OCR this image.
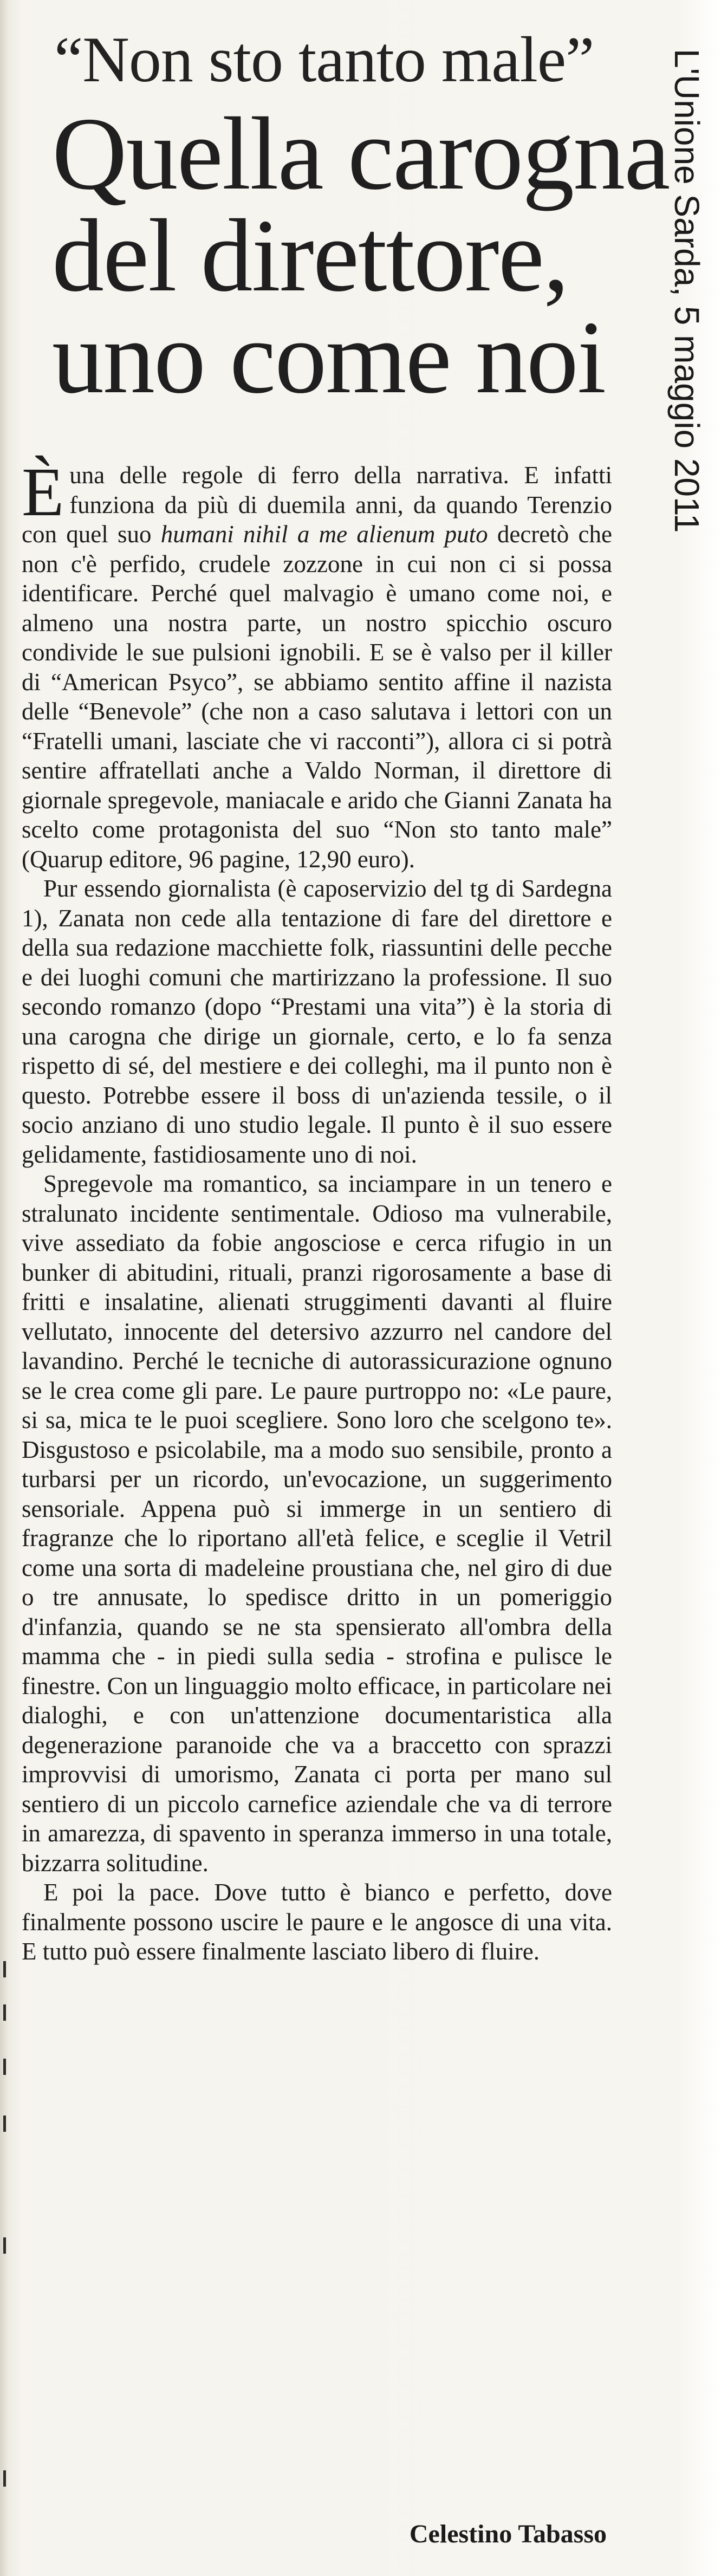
“Non sto tanto male”
Quella carogna
del direttore,
uno come noi L'Unione Sarda, 5 maggio 2011

È una delle regole di ferro della narrativa. E infatti funziona da più di duemila anni, da quando Terenzio con quel suo humani nihil a me alienum puto decretò che non c'è perfido, crudele zozzone in cui non ci si possa identificare. Perché quel malvagio è umano come noi, e almeno una nostra parte, un nostro spicchio oscuro condivide le sue pulsioni ignobili. E se è valso per il killer di “American Psyco”, se abbiamo sentito affine il nazista delle “Benevole” (che non a caso salutava i lettori con un “Fratelli umani, lasciate che vi racconti”), allora ci si potrà sentire affratellati anche a Valdo Norman, il direttore di giornale spregevole, maniacale e arido che Gianni Zanata ha scelto come protagonista del suo “Non sto tanto male” (Quarup editore, 96 pagine, 12,90 euro).

Pur essendo giornalista (è caposervizio del tg di Sardegna 1), Zanata non cede alla tentazione di fare del direttore e della sua redazione macchiette folk, riassuntini delle pecche e dei luoghi comuni che martirizzano la professione. Il suo secondo romanzo (dopo “Prestami una vita”) è la storia di una carogna che dirige un giornale, certo, e lo fa senza rispetto di sé, del mestiere e dei colleghi, ma il punto non è questo. Potrebbe essere il boss di un'azienda tessile, o il socio anziano di uno studio legale. Il punto è il suo essere gelidamente, fastidiosamente uno di noi.

Spregevole ma romantico, sa inciampare in un tenero e stralunato incidente sentimentale. Odioso ma vulnerabile, vive assediato da fobie angosciose e cerca rifugio in un bunker di abitudini, rituali, pranzi rigorosamente a base di fritti e insalatine, alienati struggimenti davanti al fluire vellutato, innocente del detersivo azzurro nel candore del lavandino. Perché le tecniche di autorassicurazione ognuno se le crea come gli pare. Le paure purtroppo no: «Le paure, si sa, mica te le puoi scegliere. Sono loro che scelgono te». Disgustoso e psicolabile, ma a modo suo sensibile, pronto a turbarsi per un ricordo, un'evocazione, un suggerimento sensoriale. Appena può si immerge in un sentiero di fragranze che lo riportano all'età felice, e sceglie il Vetril come una sorta di madeleine proustiana che, nel giro di due o tre annusate, lo spedisce dritto in un pomeriggio d'infanzia, quando se ne sta spensierato all'ombra della mamma che - in piedi sulla sedia - strofina e pulisce le finestre. Con un linguaggio molto efficace, in particolare nei dialoghi, e con un'attenzione documentaristica alla degenerazione paranoide che va a braccetto con sprazzi improvvisi di umorismo, Zanata ci porta per mano sul sentiero di un piccolo carnefice aziendale che va di terrore in amarezza, di spavento in speranza immerso in una totale, bizzarra solitudine.

E poi la pace. Dove tutto è bianco e perfetto, dove finalmente possono uscire le paure e le angosce di una vita. E tutto può essere finalmente lasciato libero di fluire.

Celestino Tabasso
